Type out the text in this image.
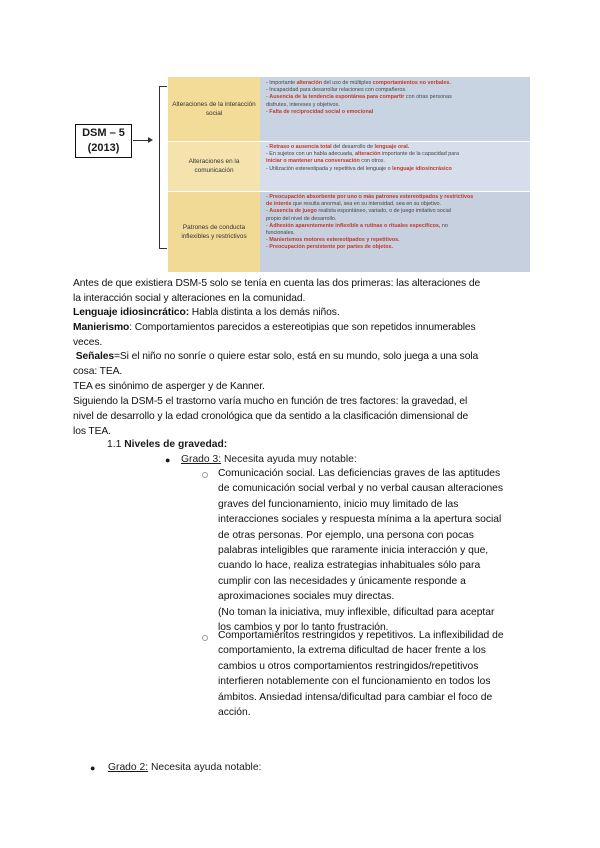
DSM – 5
(2013)
Alteraciones de la interacción social
- Importante alteración del uso de múltiples comportamientos no verbales.
- Incapacidad para desarrollar relaciones con compañeros.
- Ausencia de la tendencia espontánea para compartir con otras personas
disfrutes, intereses y objetivos.
- Falta de reciprocidad social o emocional
Alteraciones en la comunicación
- Retraso o ausencia total del desarrollo de lenguaje oral.
- En sujetos con un habla adecuada, alteración importante de la capacidad para
iniciar o mantener una conversación con otros.
- Utilización estereotipada y repetitiva del lenguaje o lenguaje idiosincrásico
Patrones de conducta inflexibles y restrictivos
- Preocupación absorbente por uno o más patrones estereotipados y restrictivos
de interés que resulta anormal, sea en su intensidad, sea en su objetivo.
- Ausencia de juego realista espontáneo, variado, o de juego imitativo social
propio del nivel de desarrollo.
- Adhesión aparentemente inflexible a rutinas o rituales específicos, no
funcionales.
- Manierismos motores estereotipados y repetitivos.
- Preocupación persistente por partes de objetos.
Antes de que existiera DSM-5 solo se tenía en cuenta las dos primeras: las alteraciones de
la interacción social y alteraciones en la comunidad.
Lenguaje idiosincrático: Habla distinta a los demás niños.
Manierismo: Comportamientos parecidos a estereotipias que son repetidos innumerables
veces.
Señales=Si el niño no sonríe o quiere estar solo, está en su mundo, solo juega a una sola
cosa: TEA.
TEA es sinónimo de asperger y de Kanner.
Siguiendo la DSM-5 el trastorno varía mucho en función de tres factores: la gravedad, el
nivel de desarrollo y la edad cronológica que da sentido a la clasificación dimensional de
los TEA.
1.1 Niveles de gravedad:
● Grado 3: Necesita ayuda muy notable:
Comunicación social. Las deficiencias graves de las aptitudes
de comunicación social verbal y no verbal causan alteraciones
graves del funcionamiento, inicio muy limitado de las
interacciones sociales y respuesta mínima a la apertura social
de otras personas. Por ejemplo, una persona con pocas
palabras inteligibles que raramente inicia interacción y que,
cuando lo hace, realiza estrategias inhabituales sólo para
cumplir con las necesidades y únicamente responde a
aproximaciones sociales muy directas.
(No toman la iniciativa, muy inflexible, dificultad para aceptar
los cambios y por lo tanto frustración.
Comportamientos restringidos y repetitivos. La inflexibilidad de
comportamiento, la extrema dificultad de hacer frente a los
cambios u otros comportamientos restringidos/repetitivos
interfieren notablemente con el funcionamiento en todos los
ámbitos. Ansiedad intensa/dificultad para cambiar el foco de
acción.
● Grado 2: Necesita ayuda notable:
